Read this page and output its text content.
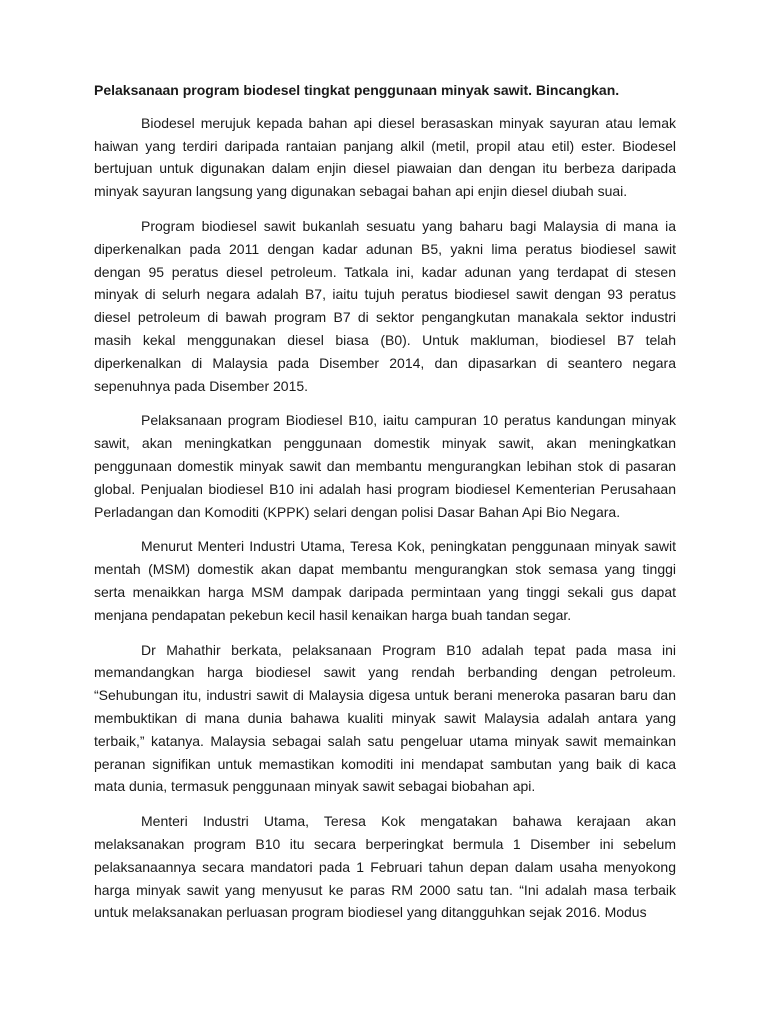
Pelaksanaan program biodesel tingkat penggunaan minyak sawit. Bincangkan.

Biodesel merujuk kepada bahan api diesel berasaskan minyak sayuran atau lemak haiwan yang terdiri daripada rantaian panjang alkil (metil, propil atau etil) ester. Biodesel bertujuan untuk digunakan dalam enjin diesel piawaian dan dengan itu berbeza daripada minyak sayuran langsung yang digunakan sebagai bahan api enjin diesel diubah suai.

Program biodiesel sawit bukanlah sesuatu yang baharu bagi Malaysia di mana ia diperkenalkan pada 2011 dengan kadar adunan B5, yakni lima peratus biodiesel sawit dengan 95 peratus diesel petroleum. Tatkala ini, kadar adunan yang terdapat di stesen minyak di selurh negara adalah B7, iaitu tujuh peratus biodiesel sawit dengan 93 peratus diesel petroleum di bawah program B7 di sektor pengangkutan manakala sektor industri masih kekal menggunakan diesel biasa (B0). Untuk makluman, biodiesel B7 telah diperkenalkan di Malaysia pada Disember 2014, dan dipasarkan di seantero negara sepenuhnya pada Disember 2015.

Pelaksanaan program Biodiesel B10, iaitu campuran 10 peratus kandungan minyak sawit, akan meningkatkan penggunaan domestik minyak sawit, akan meningkatkan penggunaan domestik minyak sawit dan membantu mengurangkan lebihan stok di pasaran global. Penjualan biodiesel B10 ini adalah hasi program biodiesel Kementerian Perusahaan Perladangan dan Komoditi (KPPK) selari dengan polisi Dasar Bahan Api Bio Negara.

Menurut Menteri Industri Utama, Teresa Kok, peningkatan penggunaan minyak sawit mentah (MSM) domestik akan dapat membantu mengurangkan stok semasa yang tinggi serta menaikkan harga MSM dampak daripada permintaan yang tinggi sekali gus dapat menjana pendapatan pekebun kecil hasil kenaikan harga buah tandan segar.

Dr Mahathir berkata, pelaksanaan Program B10 adalah tepat pada masa ini memandangkan harga biodiesel sawit yang rendah berbanding dengan petroleum. “Sehubungan itu, industri sawit di Malaysia digesa untuk berani meneroka pasaran baru dan membuktikan di mana dunia bahawa kualiti minyak sawit Malaysia adalah antara yang terbaik,” katanya. Malaysia sebagai salah satu pengeluar utama minyak sawit memainkan peranan signifikan untuk memastikan komoditi ini mendapat sambutan yang baik di kaca mata dunia, termasuk penggunaan minyak sawit sebagai biobahan api.

Menteri Industri Utama, Teresa Kok mengatakan bahawa kerajaan akan melaksanakan program B10 itu secara berperingkat bermula 1 Disember ini sebelum pelaksanaannya secara mandatori pada 1 Februari tahun depan dalam usaha menyokong harga minyak sawit yang menyusut ke paras RM 2000 satu tan. “Ini adalah masa terbaik untuk melaksanakan perluasan program biodiesel yang ditangguhkan sejak 2016. Modus
